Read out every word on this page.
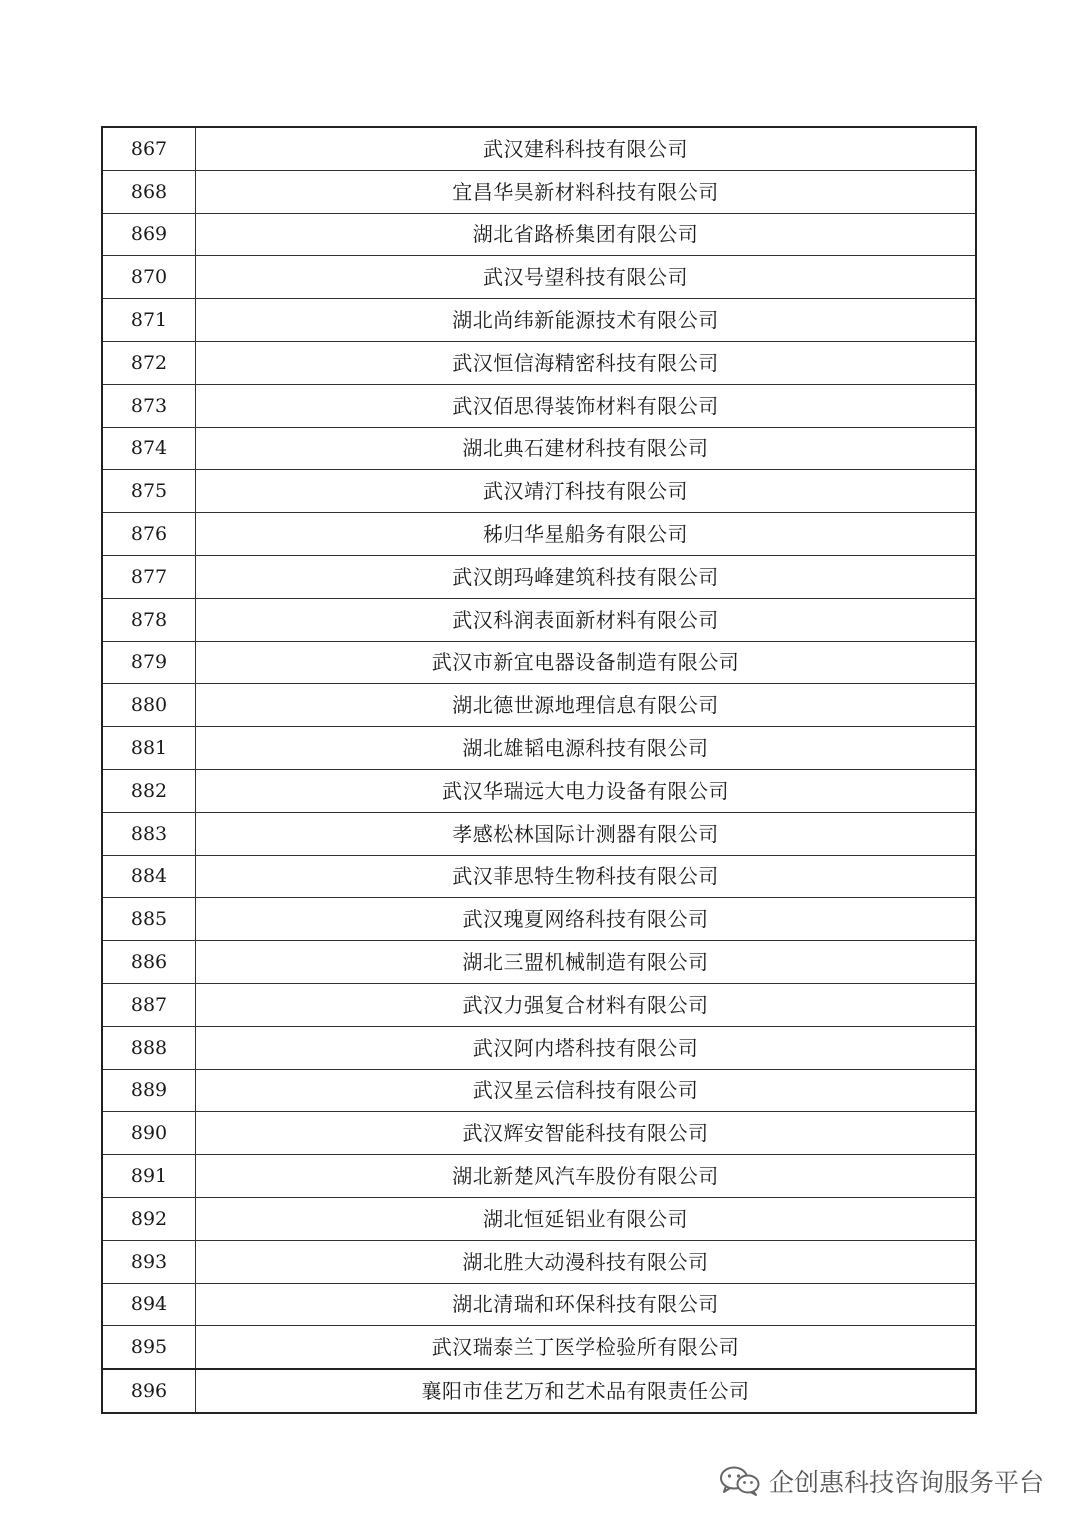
867	武汉建科科技有限公司
868	宜昌华昊新材料科技有限公司
869	湖北省路桥集团有限公司
870	武汉号望科技有限公司
871	湖北尚纬新能源技术有限公司
872	武汉恒信海精密科技有限公司
873	武汉佰思得装饰材料有限公司
874	湖北典石建材科技有限公司
875	武汉靖汀科技有限公司
876	秭归华星船务有限公司
877	武汉朗玛峰建筑科技有限公司
878	武汉科润表面新材料有限公司
879	武汉市新宜电器设备制造有限公司
880	湖北德世源地理信息有限公司
881	湖北雄韬电源科技有限公司
882	武汉华瑞远大电力设备有限公司
883	孝感松林国际计测器有限公司
884	武汉菲思特生物科技有限公司
885	武汉瑰夏网络科技有限公司
886	湖北三盟机械制造有限公司
887	武汉力强复合材料有限公司
888	武汉阿内塔科技有限公司
889	武汉星云信科技有限公司
890	武汉辉安智能科技有限公司
891	湖北新楚风汽车股份有限公司
892	湖北恒延铝业有限公司
893	湖北胜大动漫科技有限公司
894	湖北清瑞和环保科技有限公司
895	武汉瑞泰兰丁医学检验所有限公司
896	襄阳市佳艺万和艺术品有限责任公司
企创惠科技咨询服务平台
